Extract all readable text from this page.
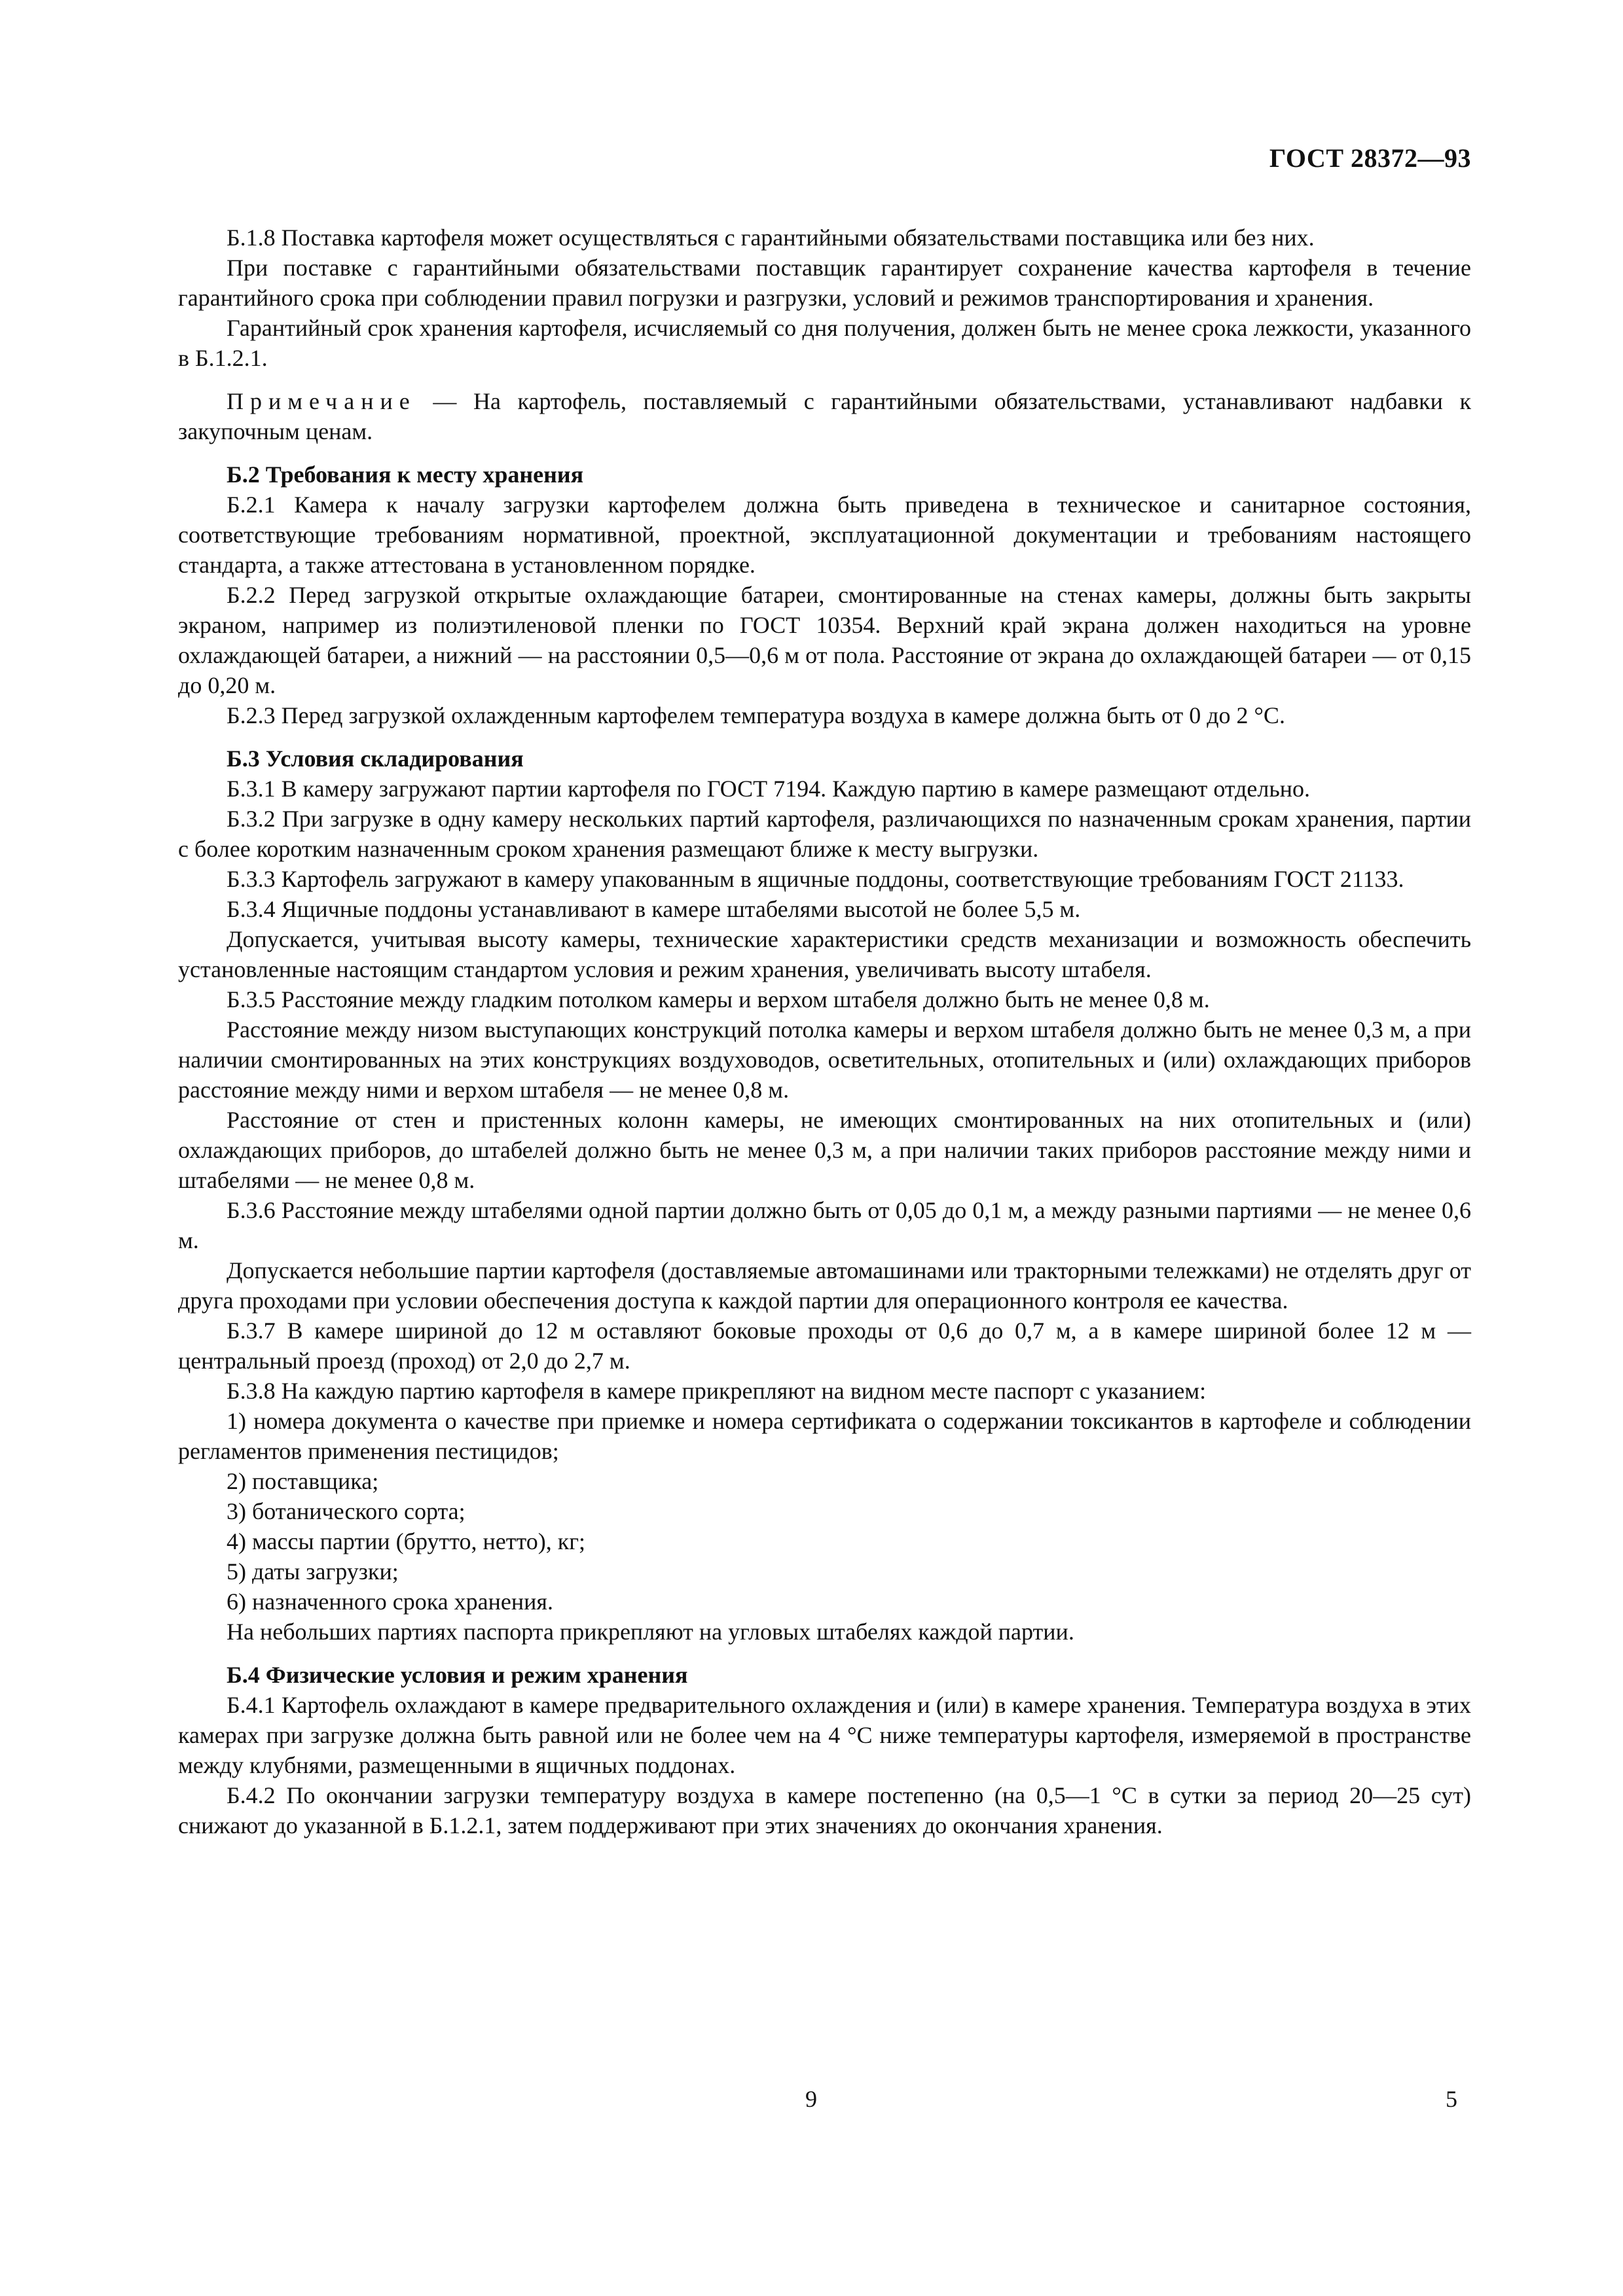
ГОСТ 28372—93

Б.1.8 Поставка картофеля может осуществляться с гарантийными обязательствами поставщика или без них.

При поставке с гарантийными обязательствами поставщик гарантирует сохранение качества картофеля в течение гарантийного срока при соблюдении правил погрузки и разгрузки, условий и режимов транспортирования и хранения.

Гарантийный срок хранения картофеля, исчисляемый со дня получения, должен быть не менее срока лежкости, указанного в Б.1.2.1.

Примечание — На картофель, поставляемый с гарантийными обязательствами, устанавливают надбавки к закупочным ценам.

Б.2 Требования к месту хранения

Б.2.1 Камера к началу загрузки картофелем должна быть приведена в техническое и санитарное состояния, соответствующие требованиям нормативной, проектной, эксплуатационной документации и требованиям настоящего стандарта, а также аттестована в установленном порядке.

Б.2.2 Перед загрузкой открытые охлаждающие батареи, смонтированные на стенах камеры, должны быть закрыты экраном, например из полиэтиленовой пленки по ГОСТ 10354. Верхний край экрана должен находиться на уровне охлаждающей батареи, а нижний — на расстоянии 0,5—0,6 м от пола. Расстояние от экрана до охлаждающей батареи — от 0,15 до 0,20 м.

Б.2.3 Перед загрузкой охлажденным картофелем температура воздуха в камере должна быть от 0 до 2 °С.

Б.3 Условия складирования

Б.3.1 В камеру загружают партии картофеля по ГОСТ 7194. Каждую партию в камере размещают отдельно.

Б.3.2 При загрузке в одну камеру нескольких партий картофеля, различающихся по назначенным срокам хранения, партии с более коротким назначенным сроком хранения размещают ближе к месту выгрузки.

Б.3.3 Картофель загружают в камеру упакованным в ящичные поддоны, соответствующие требованиям ГОСТ 21133.

Б.3.4 Ящичные поддоны устанавливают в камере штабелями высотой не более 5,5 м.

Допускается, учитывая высоту камеры, технические характеристики средств механизации и возможность обеспечить установленные настоящим стандартом условия и режим хранения, увеличивать высоту штабеля.

Б.3.5 Расстояние между гладким потолком камеры и верхом штабеля должно быть не менее 0,8 м.

Расстояние между низом выступающих конструкций потолка камеры и верхом штабеля должно быть не менее 0,3 м, а при наличии смонтированных на этих конструкциях воздуховодов, осветительных, отопительных и (или) охлаждающих приборов расстояние между ними и верхом штабеля — не менее 0,8 м.

Расстояние от стен и пристенных колонн камеры, не имеющих смонтированных на них отопительных и (или) охлаждающих приборов, до штабелей должно быть не менее 0,3 м, а при наличии таких приборов расстояние между ними и штабелями — не менее 0,8 м.

Б.3.6 Расстояние между штабелями одной партии должно быть от 0,05 до 0,1 м, а между разными партиями — не менее 0,6 м.

Допускается небольшие партии картофеля (доставляемые автомашинами или тракторными тележками) не отделять друг от друга проходами при условии обеспечения доступа к каждой партии для операционного контроля ее качества.

Б.3.7 В камере шириной до 12 м оставляют боковые проходы от 0,6 до 0,7 м, а в камере шириной более 12 м — центральный проезд (проход) от 2,0 до 2,7 м.

Б.3.8 На каждую партию картофеля в камере прикрепляют на видном месте паспорт с указанием:

1) номера документа о качестве при приемке и номера сертификата о содержании токсикантов в картофеле и соблюдении регламентов применения пестицидов;

2) поставщика;

3) ботанического сорта;

4) массы партии (брутто, нетто), кг;

5) даты загрузки;

6) назначенного срока хранения.

На небольших партиях паспорта прикрепляют на угловых штабелях каждой партии.

Б.4 Физические условия и режим хранения

Б.4.1 Картофель охлаждают в камере предварительного охлаждения и (или) в камере хранения. Температура воздуха в этих камерах при загрузке должна быть равной или не более чем на 4 °С ниже температуры картофеля, измеряемой в пространстве между клубнями, размещенными в ящичных поддонах.

Б.4.2 По окончании загрузки температуру воздуха в камере постепенно (на 0,5—1 °С в сутки за период 20—25 сут) снижают до указанной в Б.1.2.1, затем поддерживают при этих значениях до окончания хранения.

9	5
